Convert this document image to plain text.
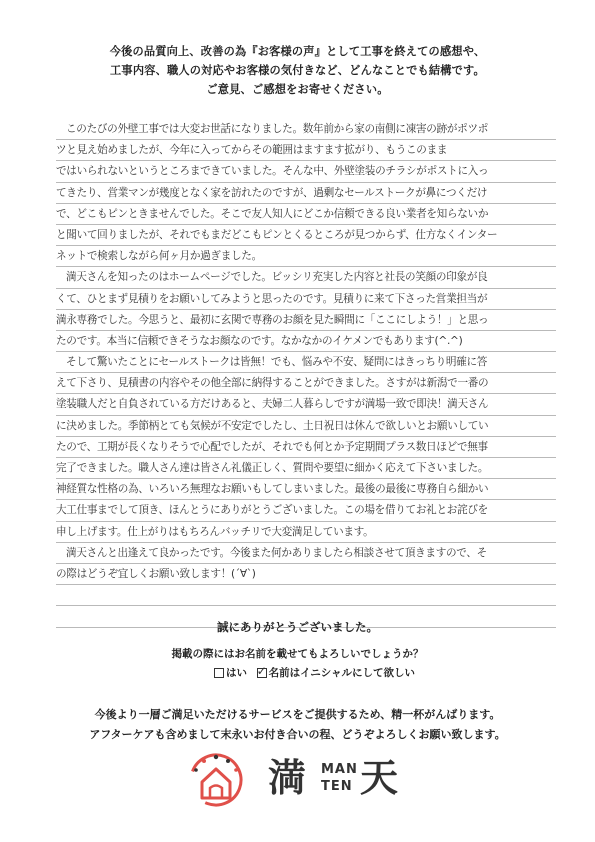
今後の品質向上、改善の為『お客様の声』として工事を終えての感想や、
工事内容、職人の対応やお客様の気付きなど、どんなことでも結構です。
ご意見、ご感想をお寄せください。
このたびの外壁工事では大変お世話になりました。数年前から家の南側に凍害の跡がポツポ
ツと見え始めましたが、今年に入ってからその範囲はますます拡がり、もうこのまま
ではいられないというところまできていました。そんな中、外壁塗装のチラシがポストに入っ
てきたり、営業マンが幾度となく家を訪れたのですが、過剰なセールストークが鼻につくだけ
で、どこもピンときませんでした。そこで友人知人にどこか信頼できる良い業者を知らないか
と聞いて回りましたが、それでもまだどこもピンとくるところが見つからず、仕方なくインター
ネットで検索しながら何ヶ月か過ぎました。
満天さんを知ったのはホームページでした。ビッシリ充実した内容と社長の笑顔の印象が良
くて、ひとまず見積りをお願いしてみようと思ったのです。見積りに来て下さった営業担当が
満永専務でした。今思うと、最初に玄関で専務のお顔を見た瞬間に「ここにしよう！」と思っ
たのです。本当に信頼できそうなお顔なのです。なかなかのイケメンでもあります(^.^)
そして驚いたことにセールストークは皆無！でも、悩みや不安、疑問にはきっちり明確に答
えて下さり、見積書の内容やその他全部に納得することができました。さすがは新潟で一番の
塗装職人だと自負されている方だけあると、夫婦二人暮らしですが満場一致で即決！満天さん
に決めました。季節柄とても気候が不安定でしたし、土日祝日は休んで欲しいとお願いしてい
たので、工期が長くなりそうで心配でしたが、それでも何とか予定期間プラス数日ほどで無事
完了できました。職人さん達は皆さん礼儀正しく、質問や要望に細かく応えて下さいました。
神経質な性格の為、いろいろ無理なお願いもしてしまいました。最後の最後に専務自ら細かい
大工仕事までして頂き、ほんとうにありがとうございました。この場を借りてお礼とお詫びを
申し上げます。仕上がりはもちろんバッチリで大変満足しています。
満天さんと出逢えて良かったです。今後また何かありましたら相談させて頂きますので、そ
の際はどうぞ宜しくお願い致します！(´∀`)
誠にありがとうございました。
掲載の際にはお名前を載せてもよろしいでしょうか？
はい
✓ 名前はイニシャルにして欲しい
今後より一層ご満足いただけるサービスをご提供するため、精一杯がんばります。
アフターケアも含めまして末永いお付き合いの程、どうぞよろしくお願い致します。
満 MAN
TEN 天
